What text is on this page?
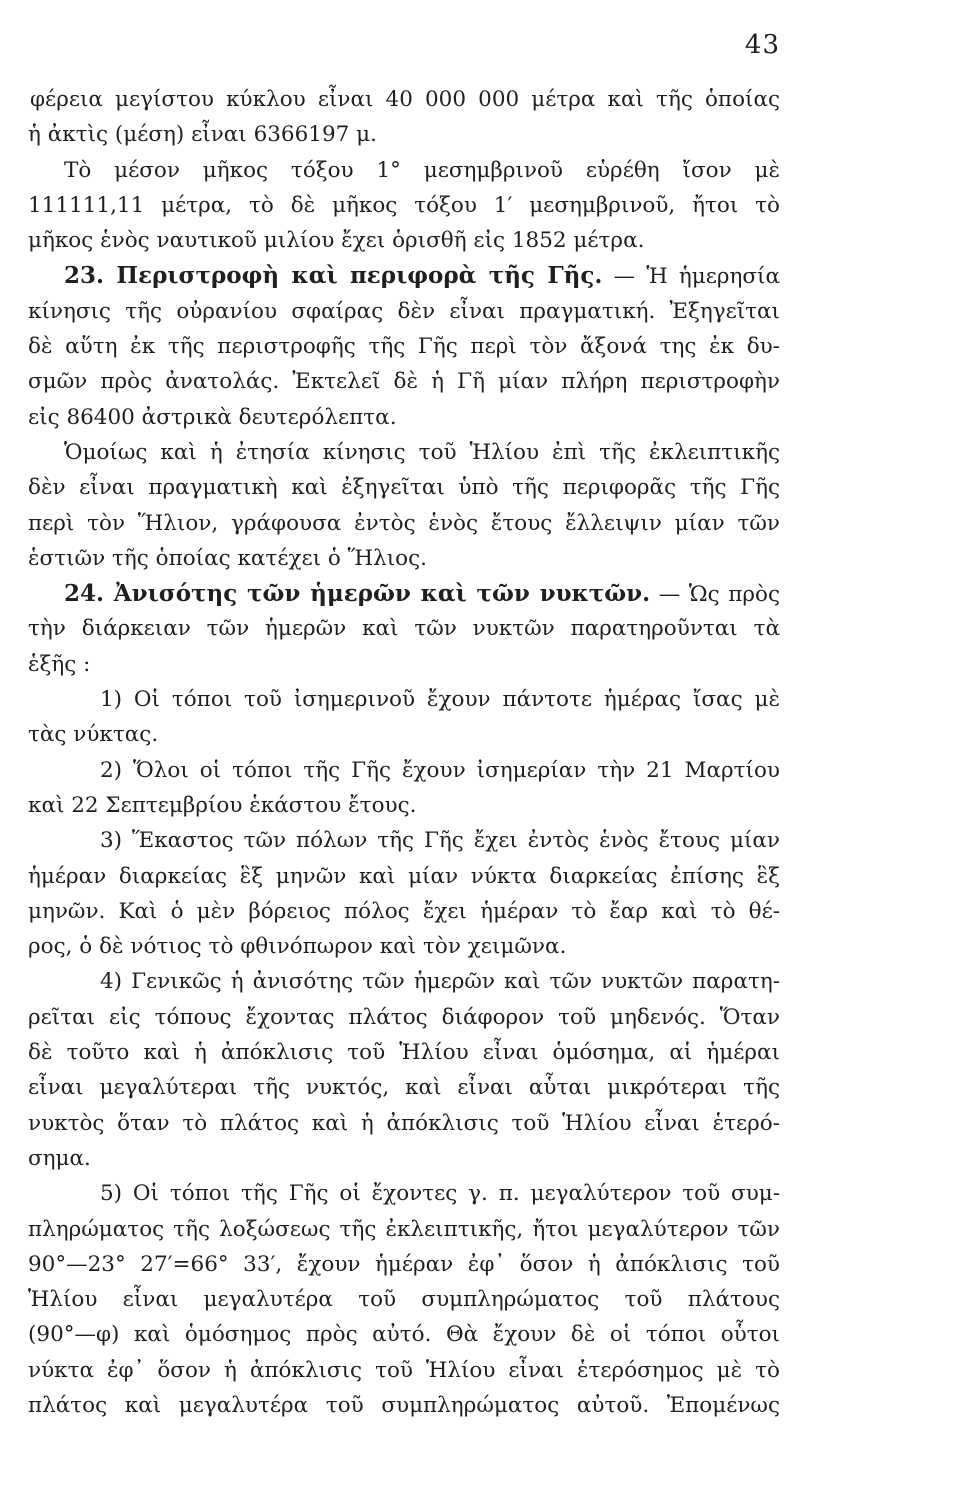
43
φέρεια μεγίστου κύκλου εἶναι 40 000 000 μέτρα καὶ τῆς ὁποίας
ἡ ἀκτὶς (μέση) εἶναι 6366197 μ.
Τὸ μέσον μῆκος τόξου 1° μεσημβρινοῦ εὑρέθη ἴσον μὲ
111111,11 μέτρα, τὸ δὲ μῆκος τόξου 1′ μεσημβρινοῦ, ἤτοι τὸ
μῆκος ἑνὸς ναυτικοῦ μιλίου ἔχει ὁρισθῆ εἰς 1852 μέτρα.
23. Περιστροφὴ καὶ περιφορὰ τῆς Γῆς. — Ἡ ἡμερησία
κίνησις τῆς οὐρανίου σφαίρας δὲν εἶναι πραγματική. Ἐξηγεῖται
δὲ αὕτη ἐκ τῆς περιστροφῆς τῆς Γῆς περὶ τὸν ἄξονά της ἐκ δυ-
σμῶν πρὸς ἀνατολάς. Ἐκτελεῖ δὲ ἡ Γῆ μίαν πλήρη περιστροφὴν
εἰς 86400 ἀστρικὰ δευτερόλεπτα.
Ὁμοίως καὶ ἡ ἐτησία κίνησις τοῦ Ἡλίου ἐπὶ τῆς ἐκλειπτικῆς
δὲν εἶναι πραγματικὴ καὶ ἐξηγεῖται ὑπὸ τῆς περιφορᾶς τῆς Γῆς
περὶ τὸν Ἥλιον, γράφουσα ἐντὸς ἑνὸς ἔτους ἔλλειψιν μίαν τῶν
ἑστιῶν τῆς ὁποίας κατέχει ὁ Ἥλιος.
24. Ἀνισότης τῶν ἡμερῶν καὶ τῶν νυκτῶν. — Ὡς πρὸς
τὴν διάρκειαν τῶν ἡμερῶν καὶ τῶν νυκτῶν παρατηροῦνται τὰ
ἑξῆς :
1) Οἱ τόποι τοῦ ἰσημερινοῦ ἔχουν πάντοτε ἡμέρας ἴσας μὲ
τὰς νύκτας.
2) Ὅλοι οἱ τόποι τῆς Γῆς ἔχουν ἰσημερίαν τὴν 21 Μαρτίου
καὶ 22 Σεπτεμβρίου ἑκάστου ἔτους.
3) Ἕκαστος τῶν πόλων τῆς Γῆς ἔχει ἐντὸς ἑνὸς ἔτους μίαν
ἡμέραν διαρκείας ἓξ μηνῶν καὶ μίαν νύκτα διαρκείας ἐπίσης ἓξ
μηνῶν. Καὶ ὁ μὲν βόρειος πόλος ἔχει ἡμέραν τὸ ἔαρ καὶ τὸ θέ-
ρος, ὁ δὲ νότιος τὸ φθινόπωρον καὶ τὸν χειμῶνα.
4) Γενικῶς ἡ ἀνισότης τῶν ἡμερῶν καὶ τῶν νυκτῶν παρατη-
ρεῖται εἰς τόπους ἔχοντας πλάτος διάφορον τοῦ μηδενός. Ὅταν
δὲ τοῦτο καὶ ἡ ἀπόκλισις τοῦ Ἡλίου εἶναι ὁμόσημα, αἱ ἡμέραι
εἶναι μεγαλύτεραι τῆς νυκτός, καὶ εἶναι αὗται μικρότεραι τῆς
νυκτὸς ὅταν τὸ πλάτος καὶ ἡ ἀπόκλισις τοῦ Ἡλίου εἶναι ἑτερό-
σημα.
5) Οἱ τόποι τῆς Γῆς οἱ ἔχοντες γ. π. μεγαλύτερον τοῦ συμ-
πληρώματος τῆς λοξώσεως τῆς ἐκλειπτικῆς, ἤτοι μεγαλύτερον τῶν
90°—23° 27′=66° 33′, ἔχουν ἡμέραν ἐφ᾽ ὅσον ἡ ἀπόκλισις τοῦ
Ἡλίου εἶναι μεγαλυτέρα τοῦ συμπληρώματος τοῦ πλάτους
(90°—φ) καὶ ὁμόσημος πρὸς αὐτό. Θὰ ἔχουν δὲ οἱ τόποι οὗτοι
νύκτα ἐφ᾽ ὅσον ἡ ἀπόκλισις τοῦ Ἡλίου εἶναι ἑτερόσημος μὲ τὸ
πλάτος καὶ μεγαλυτέρα τοῦ συμπληρώματος αὐτοῦ. Ἐπομένως
